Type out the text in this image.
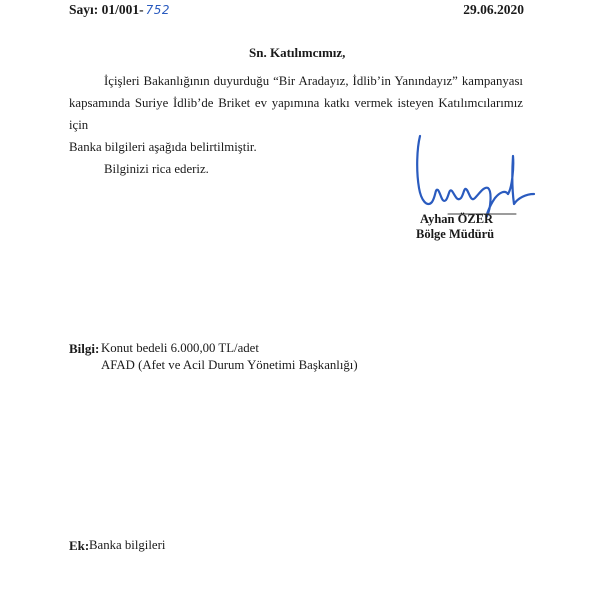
Sayı: 01/001- 752	29.06.2020
Sn. Katılımcımız,

İçişleri Bakanlığının duyurduğu “Bir Aradayız, İdlib’in Yanındayız” kampanyası

kapsamında Suriye İdlib’de Briket ev yapımına katkı vermek isteyen Katılımcılarımız için

Banka bilgileri aşağıda belirtilmiştir.

Bilginizi rica ederiz.

Ayhan ÖZER
Bölge Müdürü
Bilgi: Konut bedeli 6.000,00 TL/adet
AFAD (Afet ve Acil Durum Yönetimi Başkanlığı)
Ek: Banka bilgileri
